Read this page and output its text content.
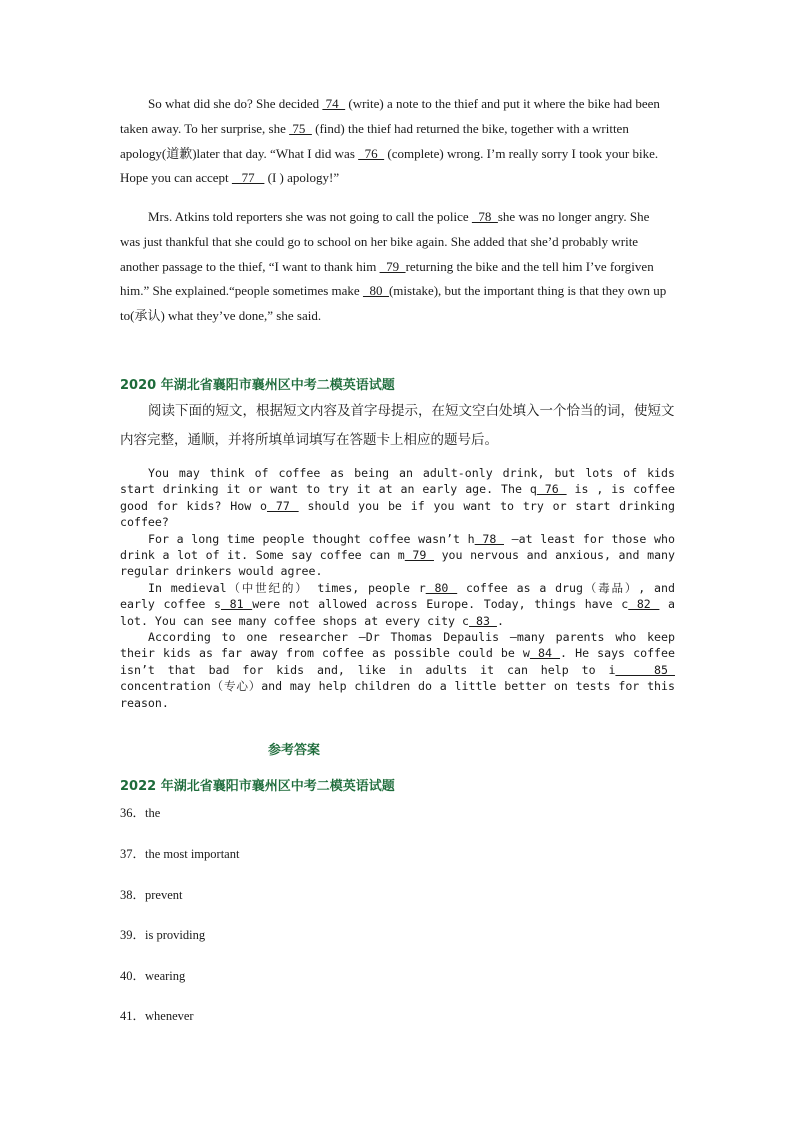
So what did she do? She decided  74   (write) a note to the thief and put it where the bike had been taken away. To her surprise, she  75   (find) the thief had returned the bike, together with a written apology(道歉)later that day. “What I did was   76   (complete) wrong. I’m really sorry I took your bike. Hope you can accept    77    (I ) apology!”

Mrs. Atkins told reporters she was not going to call the police   78  she was no longer angry. She was just thankful that she could go to school on her bike again. She added that she’d probably write another passage to the thief, “I want to thank him   79  returning the bike and the tell him I’ve forgiven him.” She explained.“people sometimes make   80  (mistake), but the important thing is that they own up to(承认) what they’ve done,” she said.

2020 年湖北省襄阳市襄州区中考二模英语试题

阅读下面的短文，根据短文内容及首字母提示，在短文空白处填入一个恰当的词，使短文内容完整，通顺，并将所填单词填写在答题卡上相应的题号后。

You may think of coffee as being an adult-only drink, but lots of kids start drinking it or want to try it at an early age. The q 76  is , is coffee good for kids? How o 77  should you be if you want to try or start drinking coffee?

For a long time people thought coffee wasn’t h 78  —at least for those who drink a lot of it. Some say coffee can m 79  you nervous and anxious, and many regular drinkers would agree.

In medieval（中世纪的） times, people r 80  coffee as a drug（毒品）, and early coffee s 81 were not allowed across Europe. Today, things have c 82  a lot. You can see many coffee shops at every city c 83 .

According to one researcher —Dr Thomas Depaulis —many parents who keep their kids as far away from coffee as possible could be w 84 . He says coffee isn’t that bad for kids and, like in adults it can help to i   85  concentration（专心）and may help children do a little better on tests for this reason.

参考答案
2022 年湖北省襄阳市襄州区中考二模英语试题
36．the
37．the most important
38．prevent
39．is providing
40．wearing
41．whenever
